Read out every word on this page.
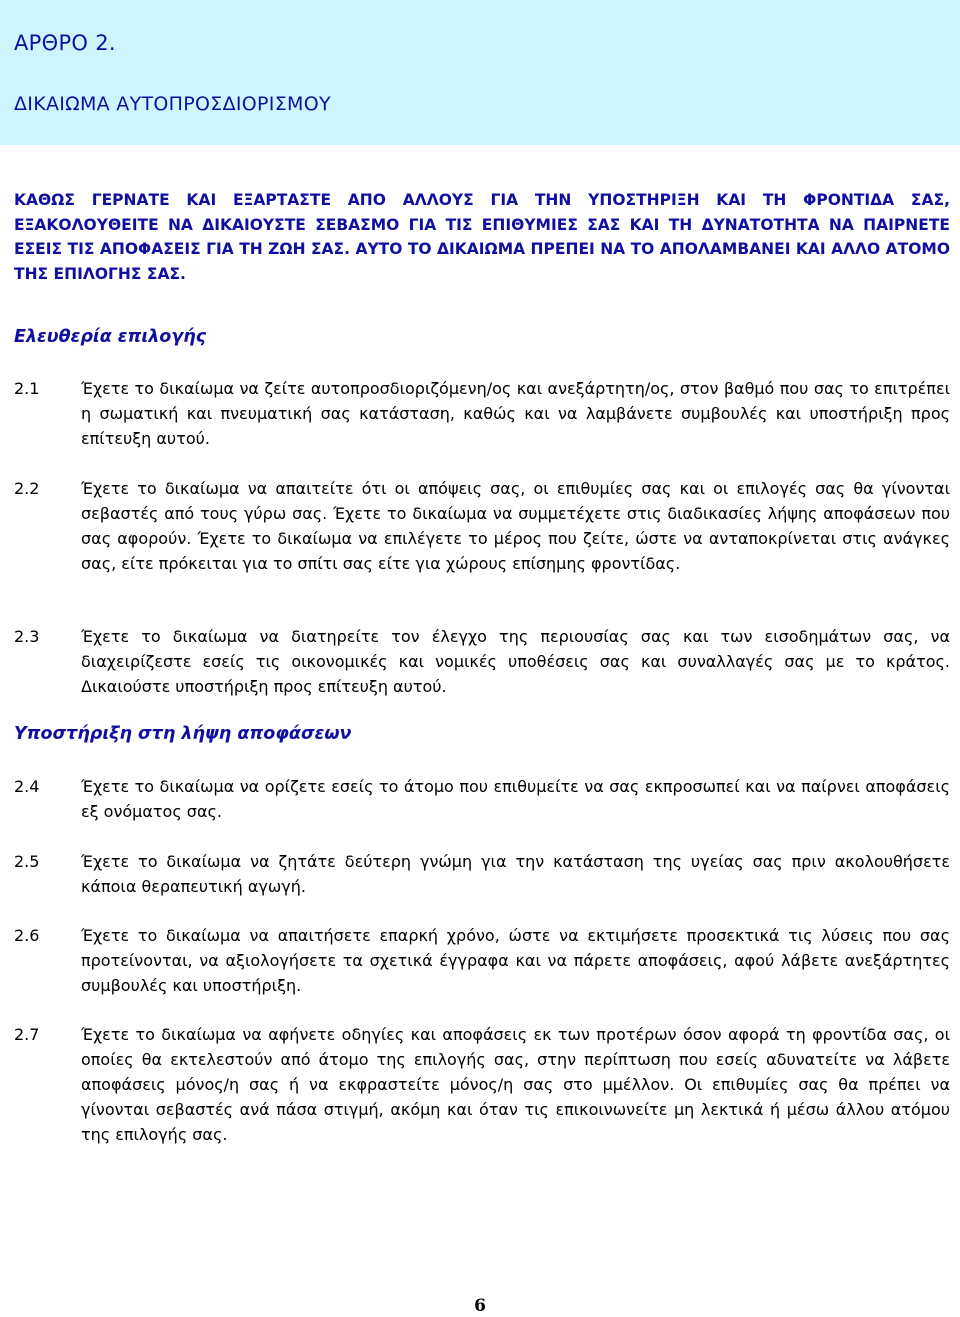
ΑΡΘΡΟ 2.
ΔΙΚΑΙΩΜΑ ΑΥΤΟΠΡΟΣΔΙΟΡΙΣΜΟΥ

ΚΑΘΩΣ ΓΕΡΝΑΤΕ ΚΑΙ ΕΞΑΡΤΑΣΤΕ ΑΠΟ ΑΛΛΟΥΣ ΓΙΑ ΤΗΝ ΥΠΟΣΤΗΡΙΞΗ ΚΑΙ ΤΗ ΦΡΟΝΤΙΔΑ ΣΑΣ, ΕΞΑΚΟΛΟΥΘΕΙΤΕ ΝΑ ΔΙΚΑΙΟΥΣΤΕ ΣΕΒΑΣΜΟ ΓΙΑ ΤΙΣ ΕΠΙΘΥΜΙΕΣ ΣΑΣ ΚΑΙ ΤΗ ΔΥΝΑΤΟΤΗΤΑ ΝΑ ΠΑΙΡΝΕΤΕ ΕΣΕΙΣ ΤΙΣ ΑΠΟΦΑΣΕΙΣ ΓΙΑ ΤΗ ΖΩΗ ΣΑΣ. ΑΥΤΟ ΤΟ ΔΙΚΑΙΩΜΑ ΠΡΕΠΕΙ ΝΑ ΤΟ ΑΠΟΛΑΜΒΑΝΕΙ ΚΑΙ ΑΛΛΟ ΑΤΟΜΟ ΤΗΣ ΕΠΙΛΟΓΗΣ ΣΑΣ.

Ελευθερία επιλογής
2.1	Έχετε το δικαίωμα να ζείτε αυτοπροσδιοριζόμενη/ος και ανεξάρτητη/ος, στον βαθμό που σας το επιτρέπει η σωματική και πνευματική σας κατάσταση, καθώς και να λαμβάνετε συμβουλές και υποστήριξη προς επίτευξη αυτού.
2.2	Έχετε το δικαίωμα να απαιτείτε ότι οι απόψεις σας, οι επιθυμίες σας και οι επιλογές σας θα γίνονται σεβαστές από τους γύρω σας. Έχετε το δικαίωμα να συμμετέχετε στις διαδικασίες λήψης αποφάσεων που σας αφορούν. Έχετε το δικαίωμα να επιλέγετε το μέρος που ζείτε, ώστε να ανταποκρίνεται στις ανάγκες σας, είτε πρόκειται για το σπίτι σας είτε για χώρους επίσημης φροντίδας.
2.3	Έχετε το δικαίωμα να διατηρείτε τον έλεγχο της περιουσίας σας και των εισοδημάτων σας, να διαχειρίζεστε εσείς τις οικονομικές και νομικές υποθέσεις σας και συναλλαγές σας με το κράτος. Δικαιούστε υποστήριξη προς επίτευξη αυτού.
Υποστήριξη στη λήψη αποφάσεων
2.4	Έχετε το δικαίωμα να ορίζετε εσείς το άτομο που επιθυμείτε να σας εκπροσωπεί και να παίρνει αποφάσεις εξ ονόματος σας.
2.5	Έχετε το δικαίωμα να ζητάτε δεύτερη γνώμη για την κατάσταση της υγείας σας πριν ακολουθήσετε κάποια θεραπευτική αγωγή.
2.6	Έχετε το δικαίωμα να απαιτήσετε επαρκή χρόνο, ώστε να εκτιμήσετε προσεκτικά τις λύσεις που σας προτείνονται, να αξιολογήσετε τα σχετικά έγγραφα και να πάρετε αποφάσεις, αφού λάβετε ανεξάρτητες συμβουλές και υποστήριξη.
2.7	Έχετε το δικαίωμα να αφήνετε οδηγίες και αποφάσεις εκ των προτέρων όσον αφορά τη φροντίδα σας, οι οποίες θα εκτελεστούν από άτομο της επιλογής σας, στην περίπτωση που εσείς αδυνατείτε να λάβετε αποφάσεις μόνος/η σας ή να εκφραστείτε μόνος/η σας στο μμέλλον. Οι επιθυμίες σας θα πρέπει να γίνονται σεβαστές ανά πάσα στιγμή, ακόμη και όταν τις επικοινωνείτε μη λεκτικά ή μέσω άλλου ατόμου της επιλογής σας.

6
